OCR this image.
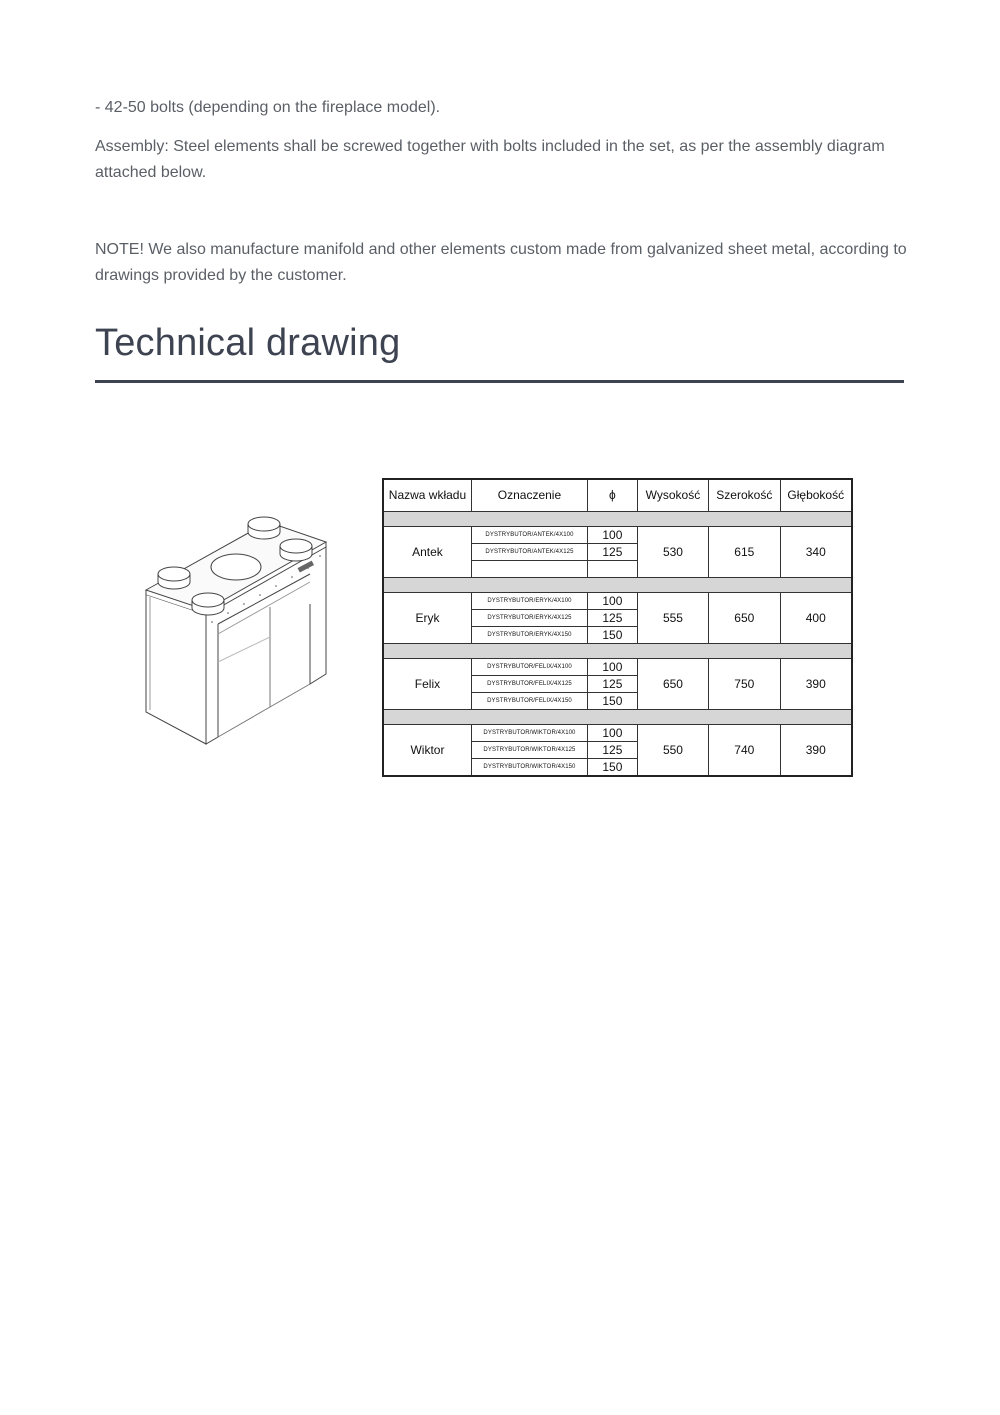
- 42-50 bolts (depending on the fireplace model).

Assembly: Steel elements shall be screwed together with bolts included in the set, as per the assembly diagram attached below.

NOTE! We also manufacture manifold and other elements custom made from galvanized sheet metal, according to drawings provided by the customer.

Technical drawing
Nazwa wkładu	Oznaczenie	ϕ	Wysokość	Szerokość	Głębokość

Antek	DYSTRYBUTOR/ANTEK/4X100	100	530	615	340
	DYSTRYBUTOR/ANTEK/4X125	125			

Eryk	DYSTRYBUTOR/ERYK/4X100	100	555	650	400
	DYSTRYBUTOR/ERYK/4X125	125			
	DYSTRYBUTOR/ERYK/4X150	150			

Felix	DYSTRYBUTOR/FELIX/4X100	100	650	750	390
	DYSTRYBUTOR/FELIX/4X125	125			
	DYSTRYBUTOR/FELIX/4X150	150			

Wiktor	DYSTRYBUTOR/WIKTOR/4X100	100	550	740	390
	DYSTRYBUTOR/WIKTOR/4X125	125			
	DYSTRYBUTOR/WIKTOR/4X150	150			
